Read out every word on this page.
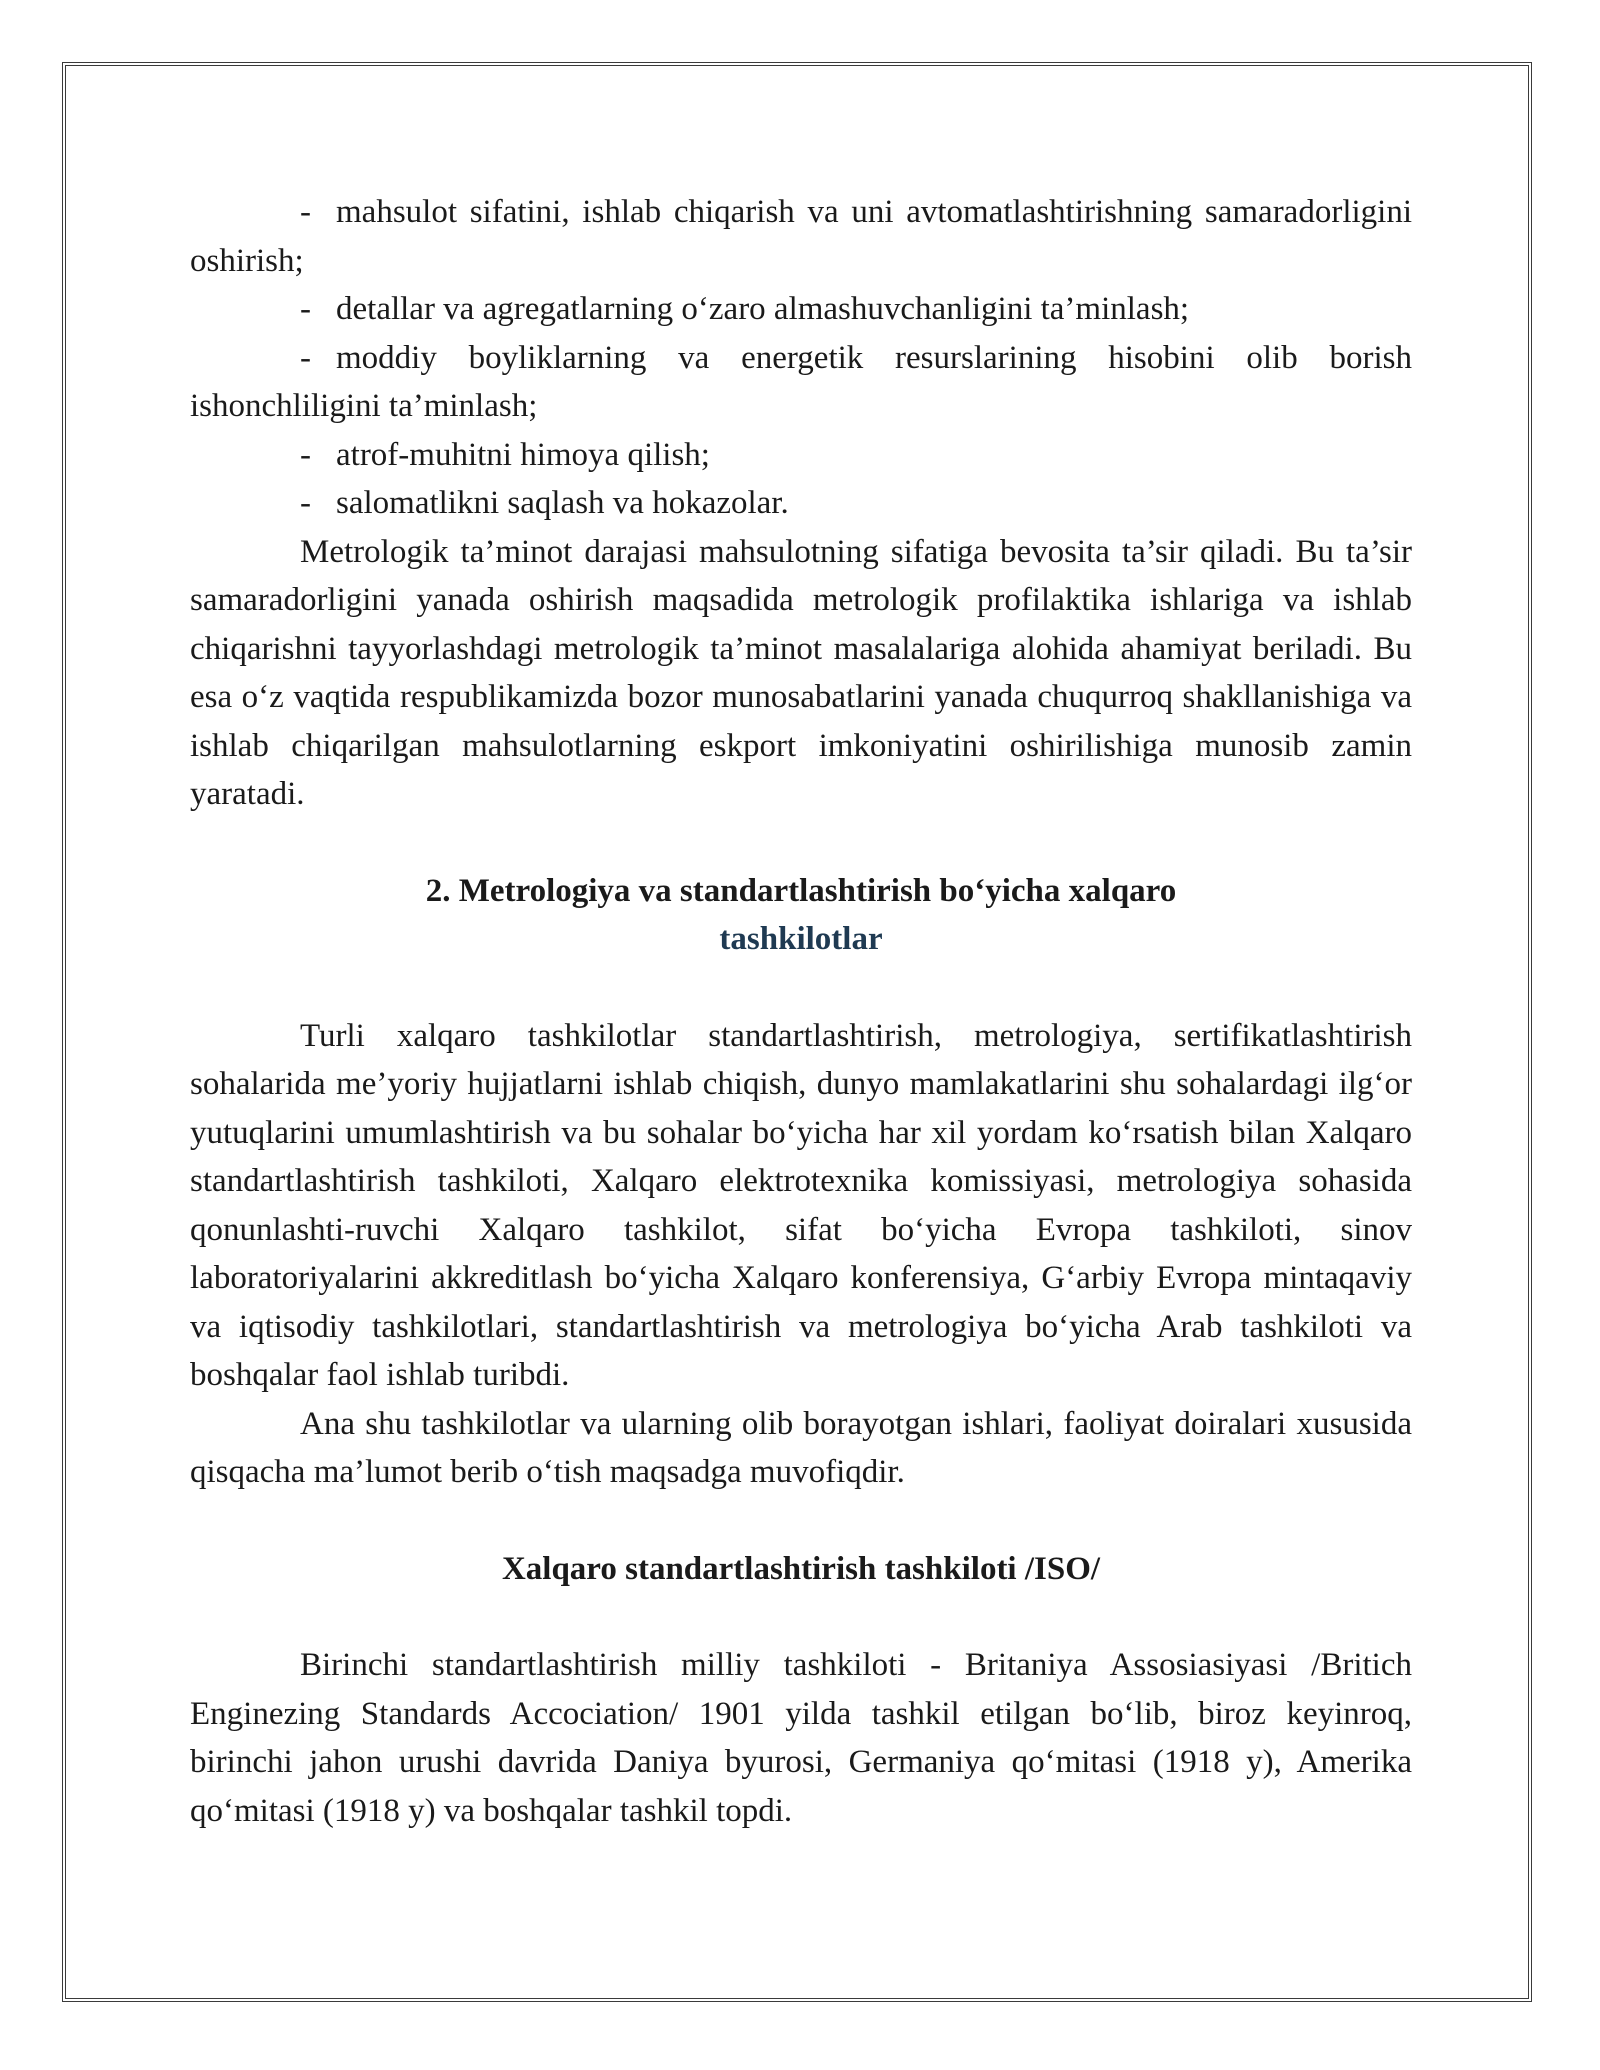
- mahsulot sifatini, ishlab chiqarish va uni avtomatlashtirishning samaradorligini oshirish;
- detallar va agregatlarning o‘zaro almashuvchanligini ta’minlash;
- moddiy boyliklarning va energetik resurslarining hisobini olib borish ishonchliligini ta’minlash;
- atrof-muhitni himoya qilish;
- salomatlikni saqlash va hokazolar.

Metrologik ta’minot darajasi mahsulotning sifatiga bevosita ta’sir qiladi. Bu ta’sir samaradorligini yanada oshirish maqsadida metrologik profilaktika ishlariga va ishlab chiqarishni tayyorlashdagi metrologik ta’minot masalalariga alohida ahamiyat beriladi. Bu esa o‘z vaqtida respublikamizda bozor munosabatlarini yanada chuqurroq shakllanishiga va ishlab chiqarilgan mahsulotlarning eskport imkoniyatini oshirilishiga munosib zamin yaratadi.

2. Metrologiya va standartlashtirish bo‘yicha xalqaro
tashkilotlar

Turli xalqaro tashkilotlar standartlashtirish, metrologiya, sertifikatlashtirish sohalarida me’yoriy hujjatlarni ishlab chiqish, dunyo mamlakatlarini shu sohalardagi ilg‘or yutuqlarini umumlashtirish va bu sohalar bo‘yicha har xil yordam ko‘rsatish bilan Xalqaro standartlashtirish tashkiloti, Xalqaro elektrotexnika komissiyasi, metrologiya sohasida qonunlashti-ruvchi Xalqaro tashkilot, sifat bo‘yicha Evropa tashkiloti, sinov laboratoriyalarini akkreditlash bo‘yicha Xalqaro konferensiya, G‘arbiy Evropa mintaqaviy va iqtisodiy tashkilotlari, standartlashtirish va metrologiya bo‘yicha Arab tashkiloti va boshqalar faol ishlab turibdi.

Ana shu tashkilotlar va ularning olib borayotgan ishlari, faoliyat doiralari xususida qisqacha ma’lumot berib o‘tish maqsadga muvofiqdir.

Xalqaro standartlashtirish tashkiloti /ISO/

Birinchi standartlashtirish milliy tashkiloti - Britaniya Assosiasiyasi /Britich Enginezing Standards Accociation/ 1901 yilda tashkil etilgan bo‘lib, biroz keyinroq, birinchi jahon urushi davrida Daniya byurosi, Germaniya qo‘mitasi (1918 y), Amerika qo‘mitasi (1918 y) va boshqalar tashkil topdi.
